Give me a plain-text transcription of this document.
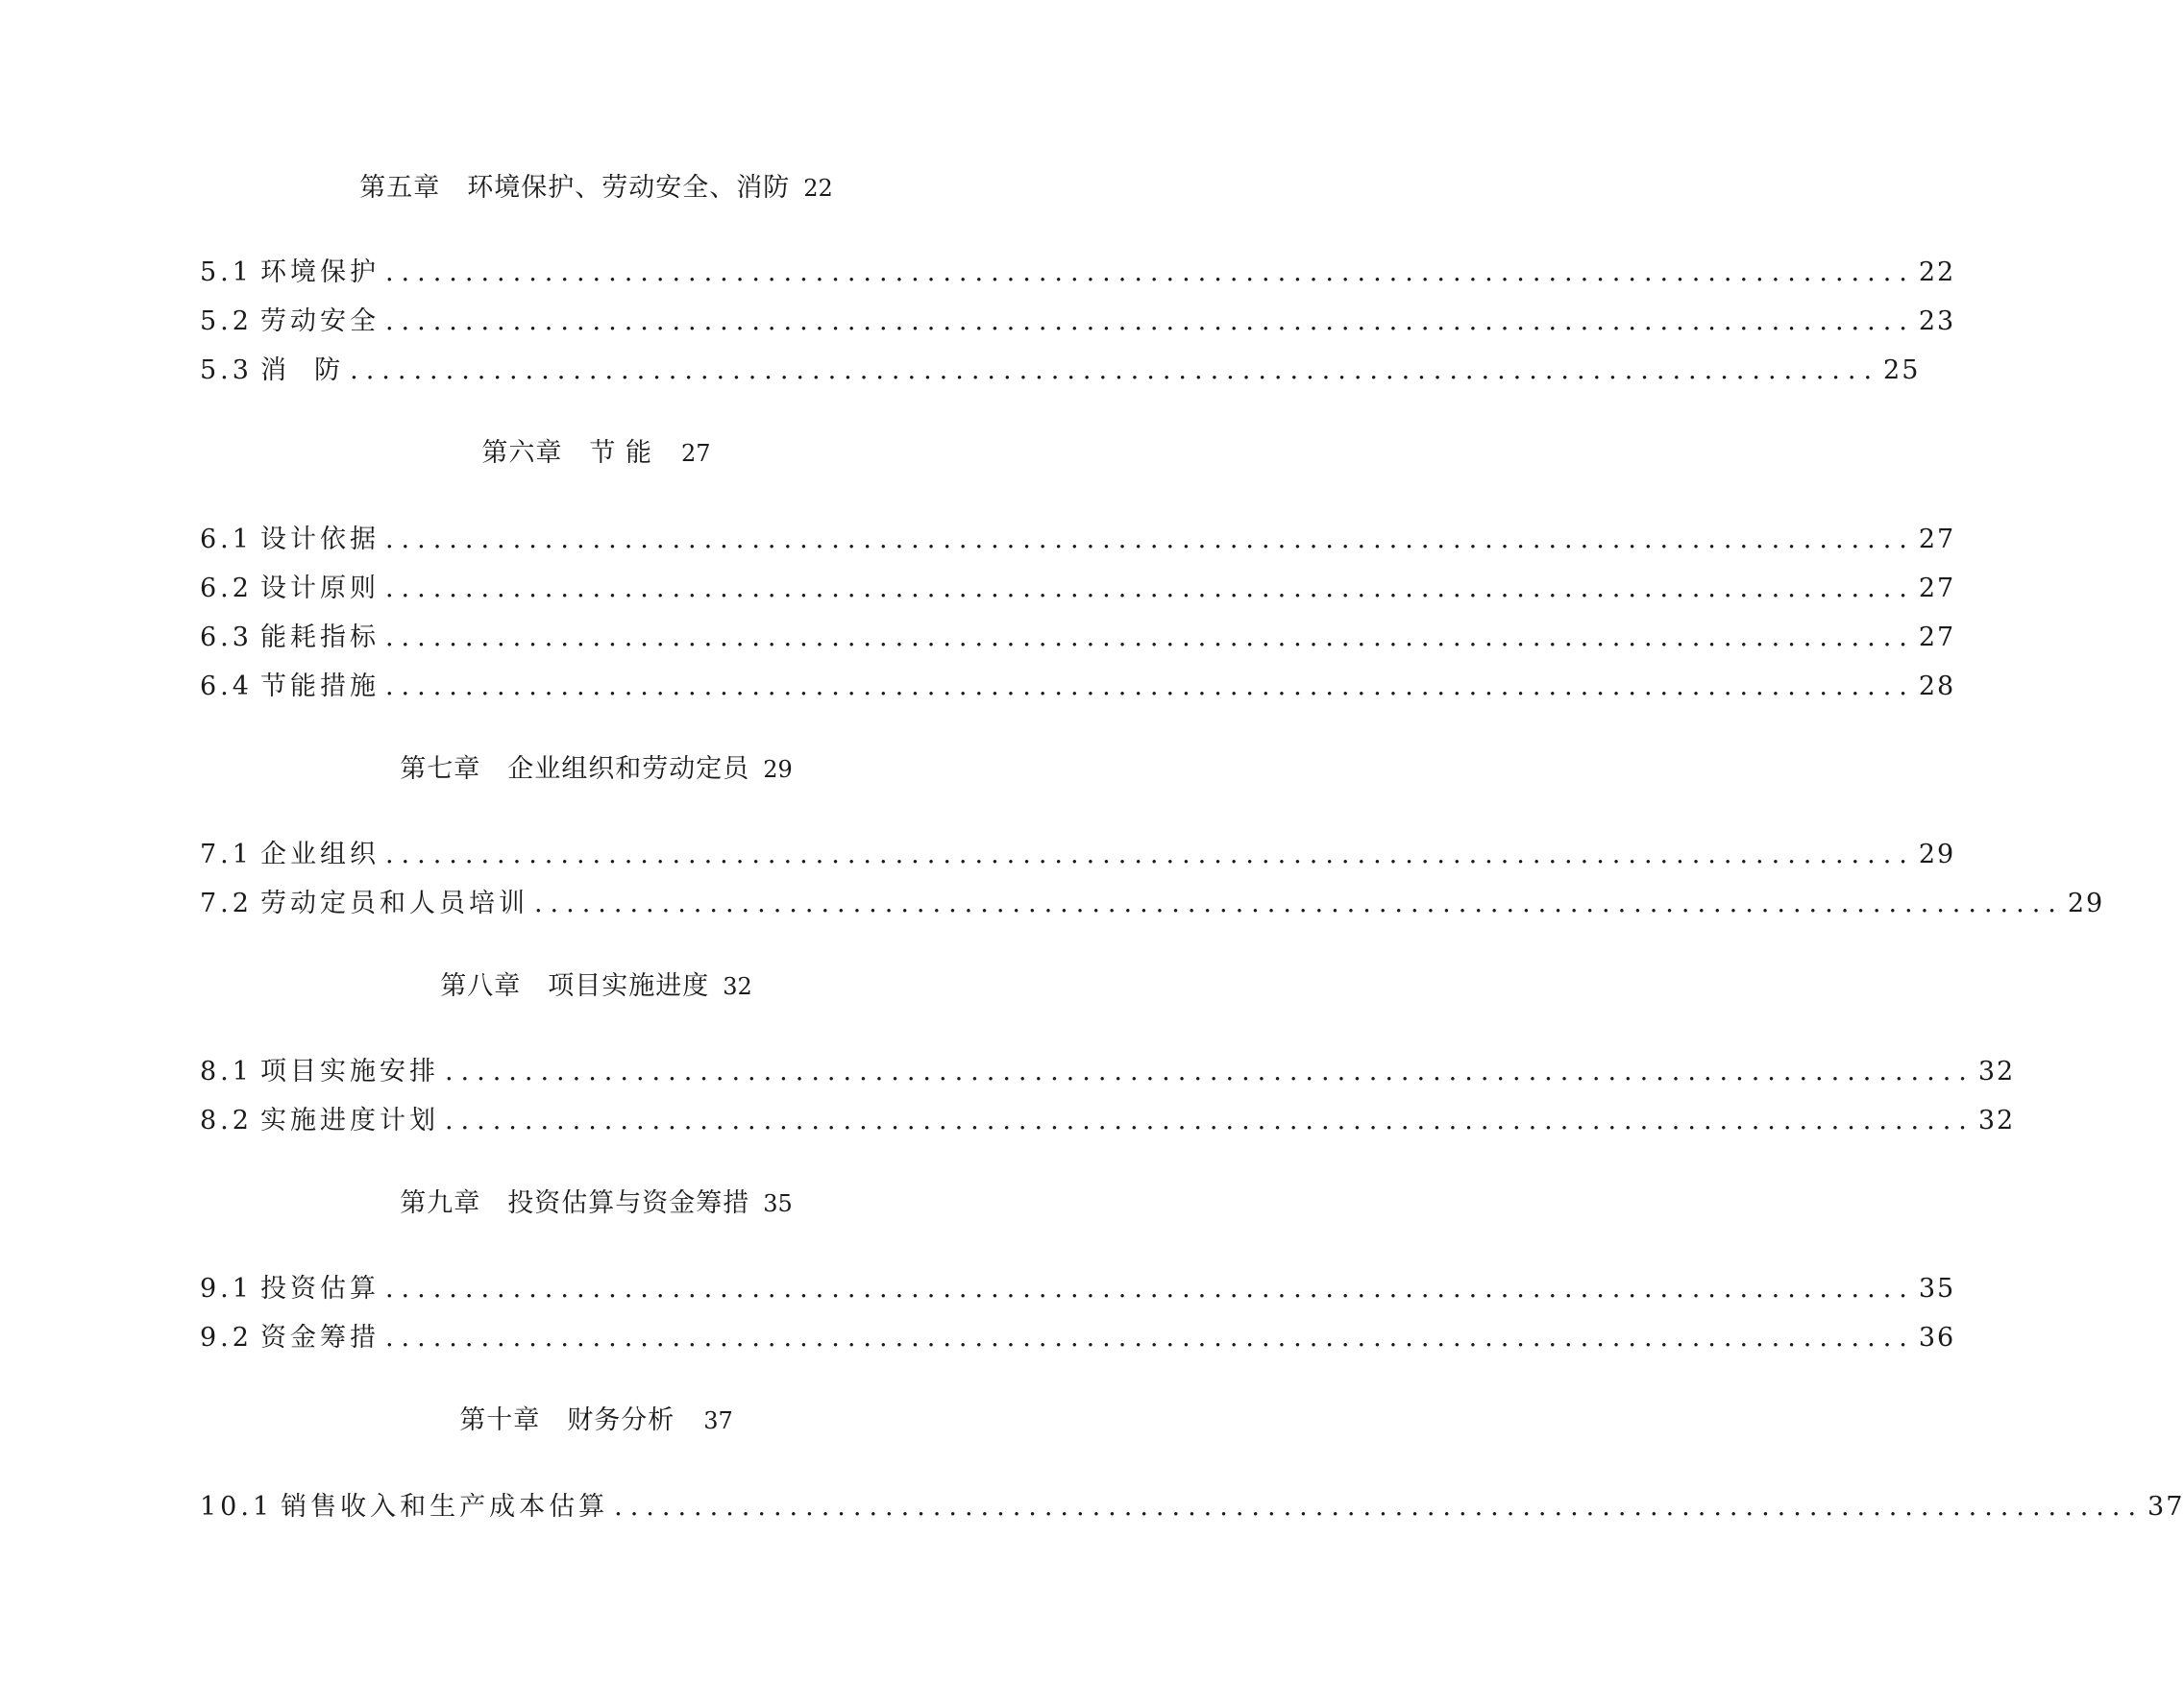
第五章 环境保护、劳动安全、消防 22
5.1 环境保护 ................................................................................................ 22
5.2 劳动安全 ................................................................................................ 23
5.3 消  防 ................................................................................................ 25
第六章 节 能 27
6.1 设计依据 ................................................................................................ 27
6.2 设计原则 ................................................................................................ 27
6.3 能耗指标 ................................................................................................ 27
6.4 节能措施 ................................................................................................ 28
第七章 企业组织和劳动定员 29
7.1 企业组织 ................................................................................................ 29
7.2 劳动定员和人员培训 ................................................................................................ 29
第八章 项目实施进度 32
8.1 项目实施安排 ................................................................................................ 32
8.2 实施进度计划 ................................................................................................ 32
第九章 投资估算与资金筹措 35
9.1 投资估算 ................................................................................................ 35
9.2 资金筹措 ................................................................................................ 36
第十章 财务分析 37
10.1 销售收入和生产成本估算 ................................................................................................ 37
